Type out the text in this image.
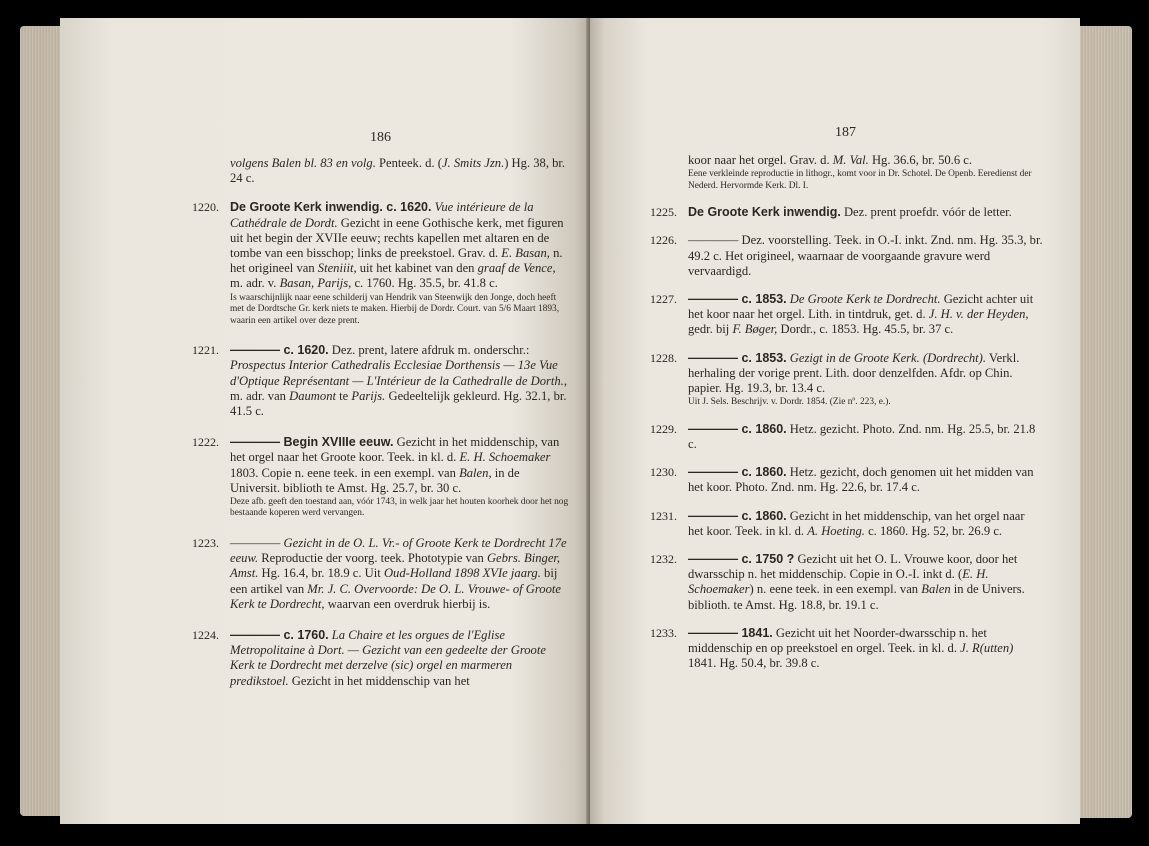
186

volgens Balen bl. 83 en volg. Penteek. d. (J. Smits Jzn.) Hg. 38, br. 24 c.

1220. De Groote Kerk inwendig. c. 1620. Vue intérieure de la Cathédrale de Dordt. Gezicht in eene Gothische kerk, met figuren uit het begin der XVIIe eeuw; rechts kapellen met altaren en de tombe van een bisschop; links de preekstoel. Grav. d. E. Basan, n. het origineel van Steniiit, uit het kabinet van den graaf de Vence, m. adr. v. Basan, Parijs, c. 1760. Hg. 35.5, br. 41.8 c.

Is waarschijnlijk naar eene schilderij van Hendrik van Steenwijk den Jonge, doch heeft met de Dordtsche Gr. kerk niets te maken. Hierbij de Dordr. Court. van 5/6 Maart 1893, waarin een artikel over deze prent.

1221. ———— c. 1620. Dez. prent, latere afdruk m. onderschr.: Prospectus Interior Cathedralis Ecclesiae Dorthensis — 13e Vue d'Optique Représentant — L'Intérieur de la Cathedralle de Dorth., m. adr. van Daumont te Parijs. Gedeeltelijk gekleurd. Hg. 32.1, br. 41.5 c.

1222. ———— Begin XVIIIe eeuw. Gezicht in het middenschip, van het orgel naar het Groote koor. Teek. in kl. d. E. H. Schoemaker 1803. Copie n. eene teek. in een exempl. van Balen, in de Universit. biblioth te Amst. Hg. 25.7, br. 30 c.

Deze afb. geeft den toestand aan, vóór 1743, in welk jaar het houten koorhek door het nog bestaande koperen werd vervangen.

1223. ———— Gezicht in de O. L. Vr.- of Groote Kerk te Dordrecht 17e eeuw. Reproductie der voorg. teek. Phototypie van Gebrs. Binger, Amst. Hg. 16.4, br. 18.9 c. Uit Oud-Holland 1898 XVIe jaarg. bij een artikel van Mr. J. C. Overvoorde: De O. L. Vrouwe- of Groote Kerk te Dordrecht, waarvan een overdruk hierbij is.

1224. ———— c. 1760. La Chaire et les orgues de l'Eglise Metropolitaine à Dort. — Gezicht van een gedeelte der Groote Kerk te Dordrecht met derzelve (sic) orgel en marmeren predikstoel. Gezicht in het middenschip van het

187

koor naar het orgel. Grav. d. M. Val. Hg. 36.6, br. 50.6 c.

Eene verkleinde reproductie in lithogr., komt voor in Dr. Schotel. De Openb. Eeredienst der Nederd. Hervormde Kerk. Dl. I.

1225. De Groote Kerk inwendig. Dez. prent proefdr. vóór de letter.

1226. ———— Dez. voorstelling. Teek. in O.-I. inkt. Znd. nm. Hg. 35.3, br. 49.2 c. Het origineel, waarnaar de voorgaande gravure werd vervaardigd.

1227. ———— c. 1853. De Groote Kerk te Dordrecht. Gezicht achter uit het koor naar het orgel. Lith. in tintdruk, get. d. J. H. v. der Heyden, gedr. bij F. Bøger, Dordr., c. 1853. Hg. 45.5, br. 37 c.

1228. ———— c. 1853. Gezigt in de Groote Kerk. (Dordrecht). Verkl. herhaling der vorige prent. Lith. door denzelfden. Afdr. op Chin. papier. Hg. 19.3, br. 13.4 c.

Uit J. Sels. Beschrijv. v. Dordr. 1854. (Zie nº. 223, e.).

1229. ———— c. 1860. Hetz. gezicht. Photo. Znd. nm. Hg. 25.5, br. 21.8 c.

1230. ———— c. 1860. Hetz. gezicht, doch genomen uit het midden van het koor. Photo. Znd. nm. Hg. 22.6, br. 17.4 c.

1231. ———— c. 1860. Gezicht in het middenschip, van het orgel naar het koor. Teek. in kl. d. A. Hoeting. c. 1860. Hg. 52, br. 26.9 c.

1232. ———— c. 1750 ? Gezicht uit het O. L. Vrouwe koor, door het dwarsschip n. het middenschip. Copie in O.-I. inkt d. (E. H. Schoemaker) n. eene teek. in een exempl. van Balen in de Univers. biblioth. te Amst. Hg. 18.8, br. 19.1 c.

1233. ———— 1841. Gezicht uit het Noorder-dwarsschip n. het middenschip en op preekstoel en orgel. Teek. in kl. d. J. R(utten) 1841. Hg. 50.4, br. 39.8 c.
